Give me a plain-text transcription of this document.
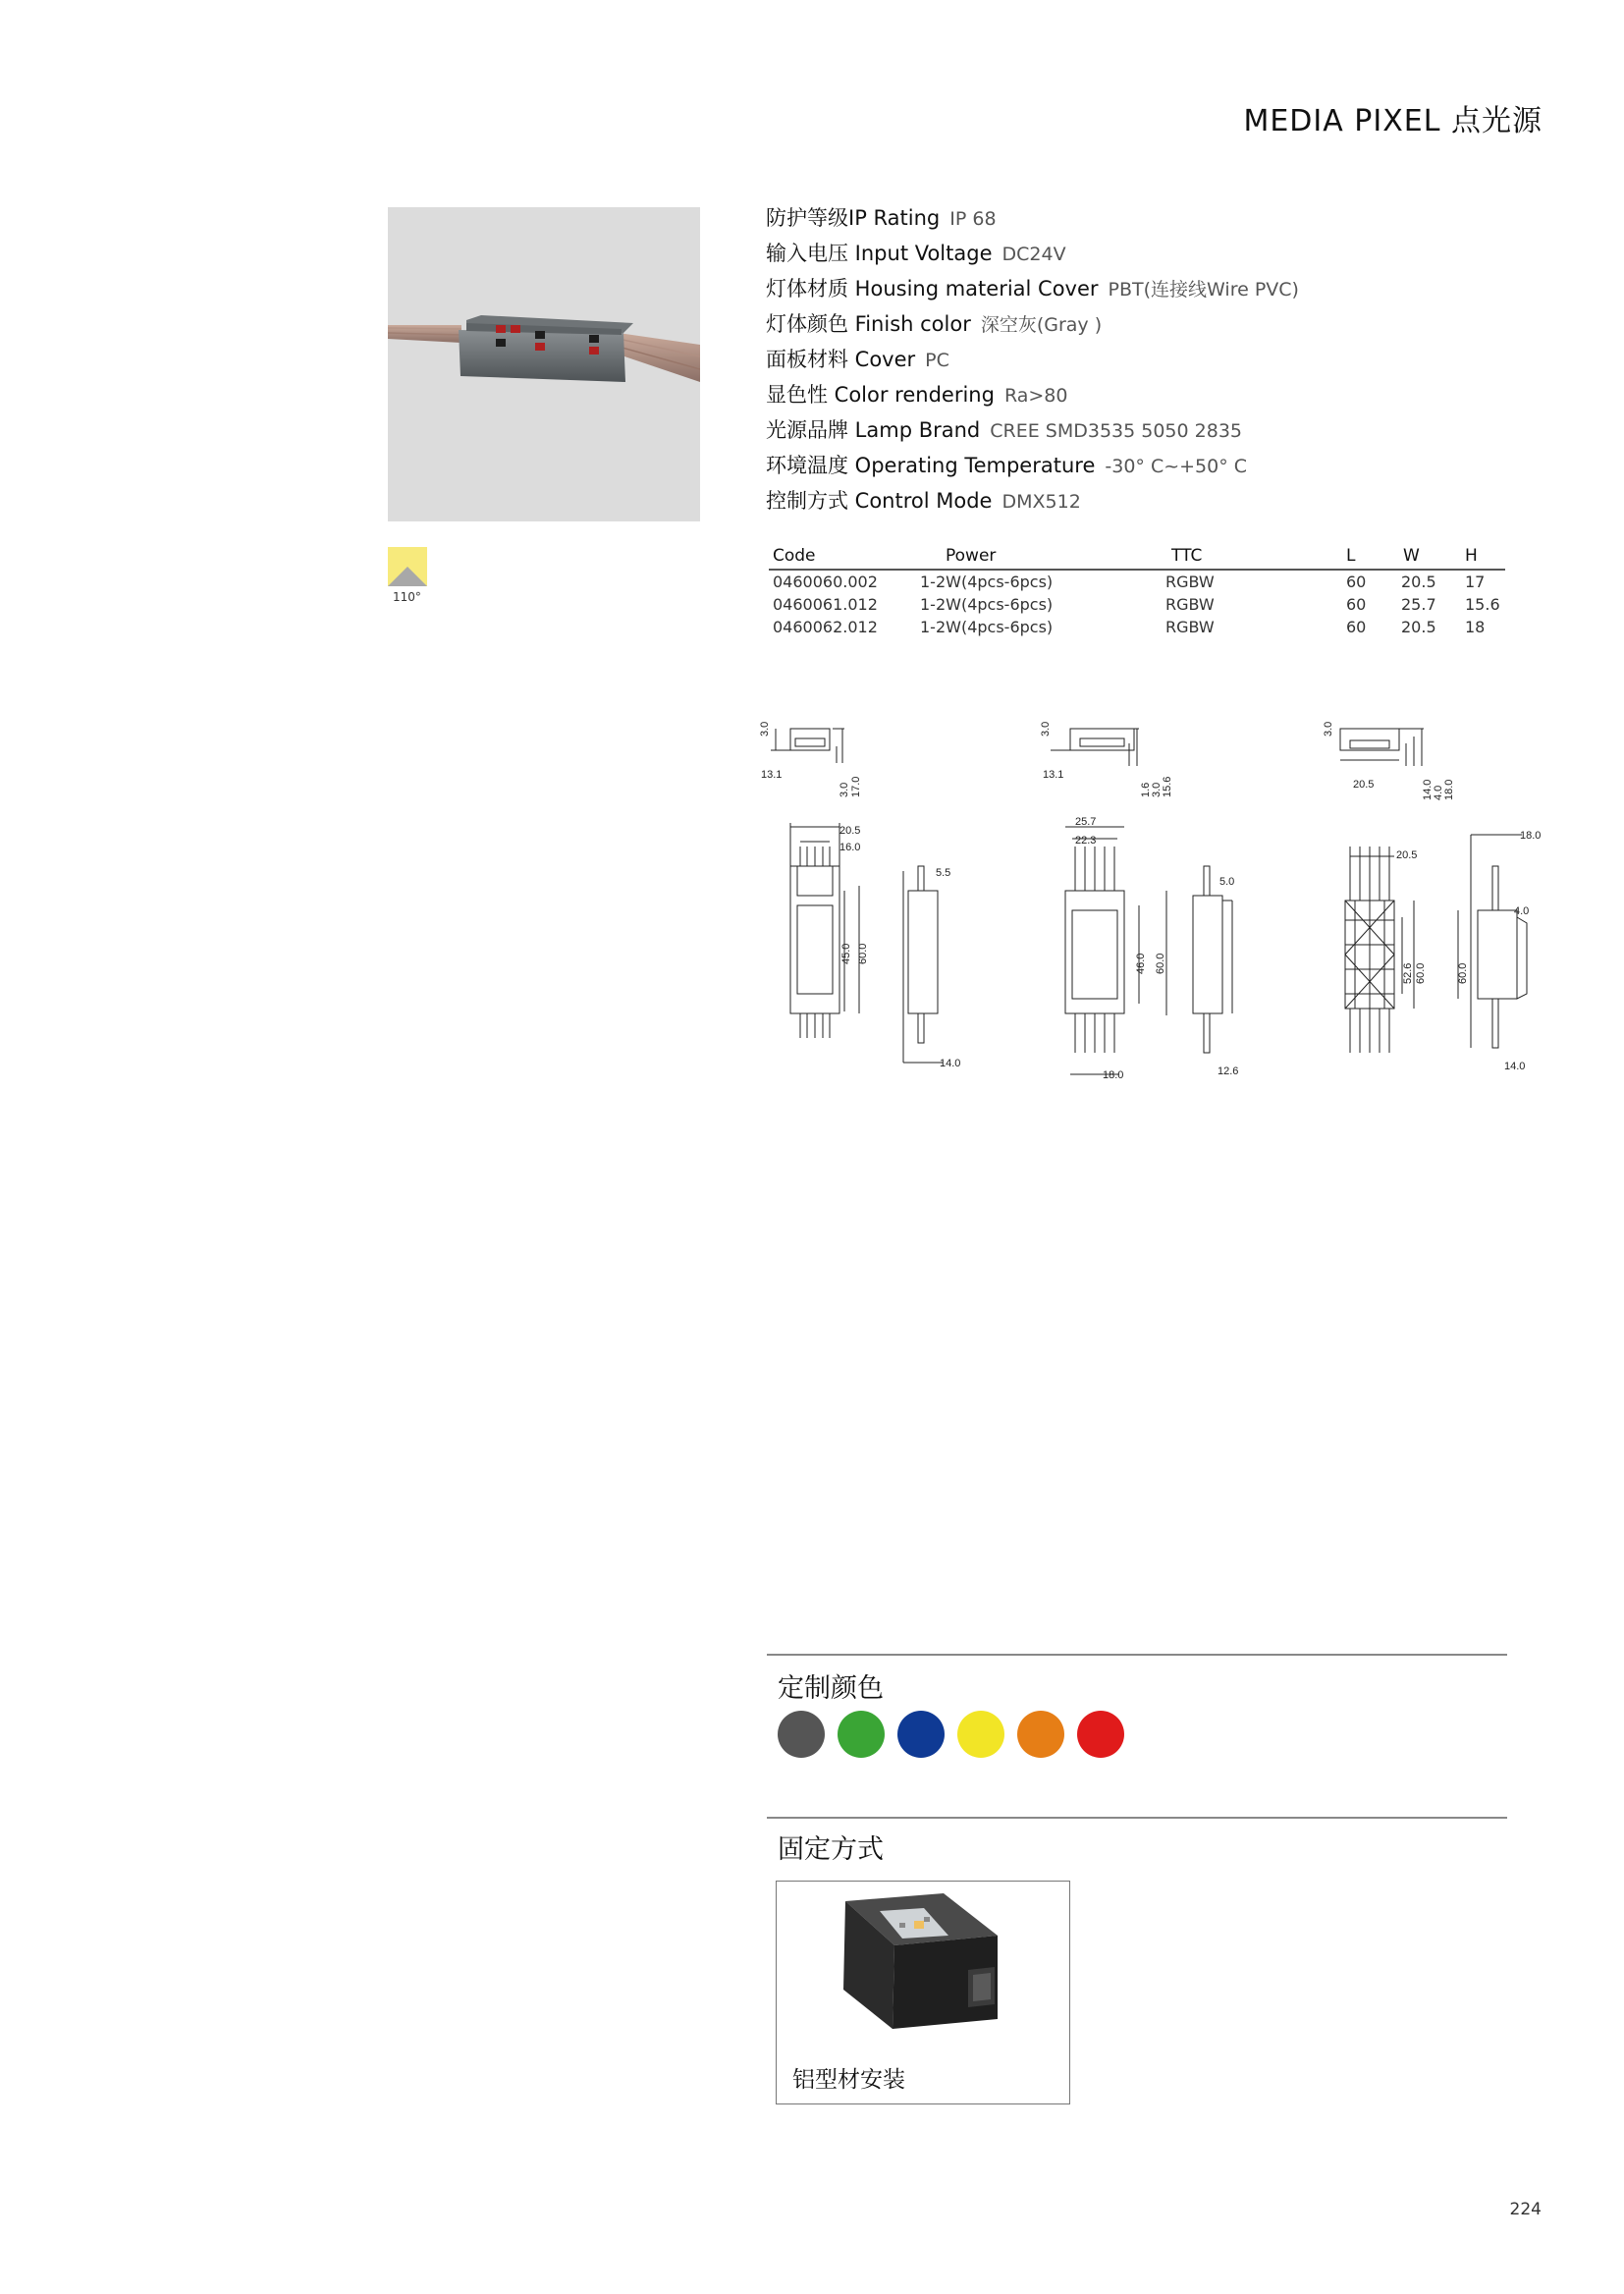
MEDIA PIXEL 点光源
110°
防护等级IP Rating IP 68
输入电压 Input Voltage DC24V
灯体材质 Housing material Cover PBT(连接线Wire PVC)
灯体颜色 Finish color 深空灰(Gray )
面板材料 Cover PC
显色性 Color rendering Ra>80
光源品牌 Lamp Brand CREE SMD3535 5050 2835
环境温度 Operating Temperature -30° C~+50° C
控制方式 Control Mode DMX512
Code	Power	TTC	L	W	H
0460060.002	1-2W(4pcs-6pcs)	RGBW	60	20.5	17
0460061.012	1-2W(4pcs-6pcs)	RGBW	60	25.7	15.6
0460062.012	1-2W(4pcs-6pcs)	RGBW	60	20.5	18
3.0
13.1
3.0 17.0
20.5
16.0
45.0 60.0
5.5
14.0
3.0
13.1
1.6 3.0 15.6
25.7
22.3
46.0 60.0
5.0
18.0	12.6
3.0
20.5	14.0 4.0 18.0
20.5
52.6 60.0	60.0
18.0
4.0
14.0
定制颜色
固定方式
铝型材安装
224
